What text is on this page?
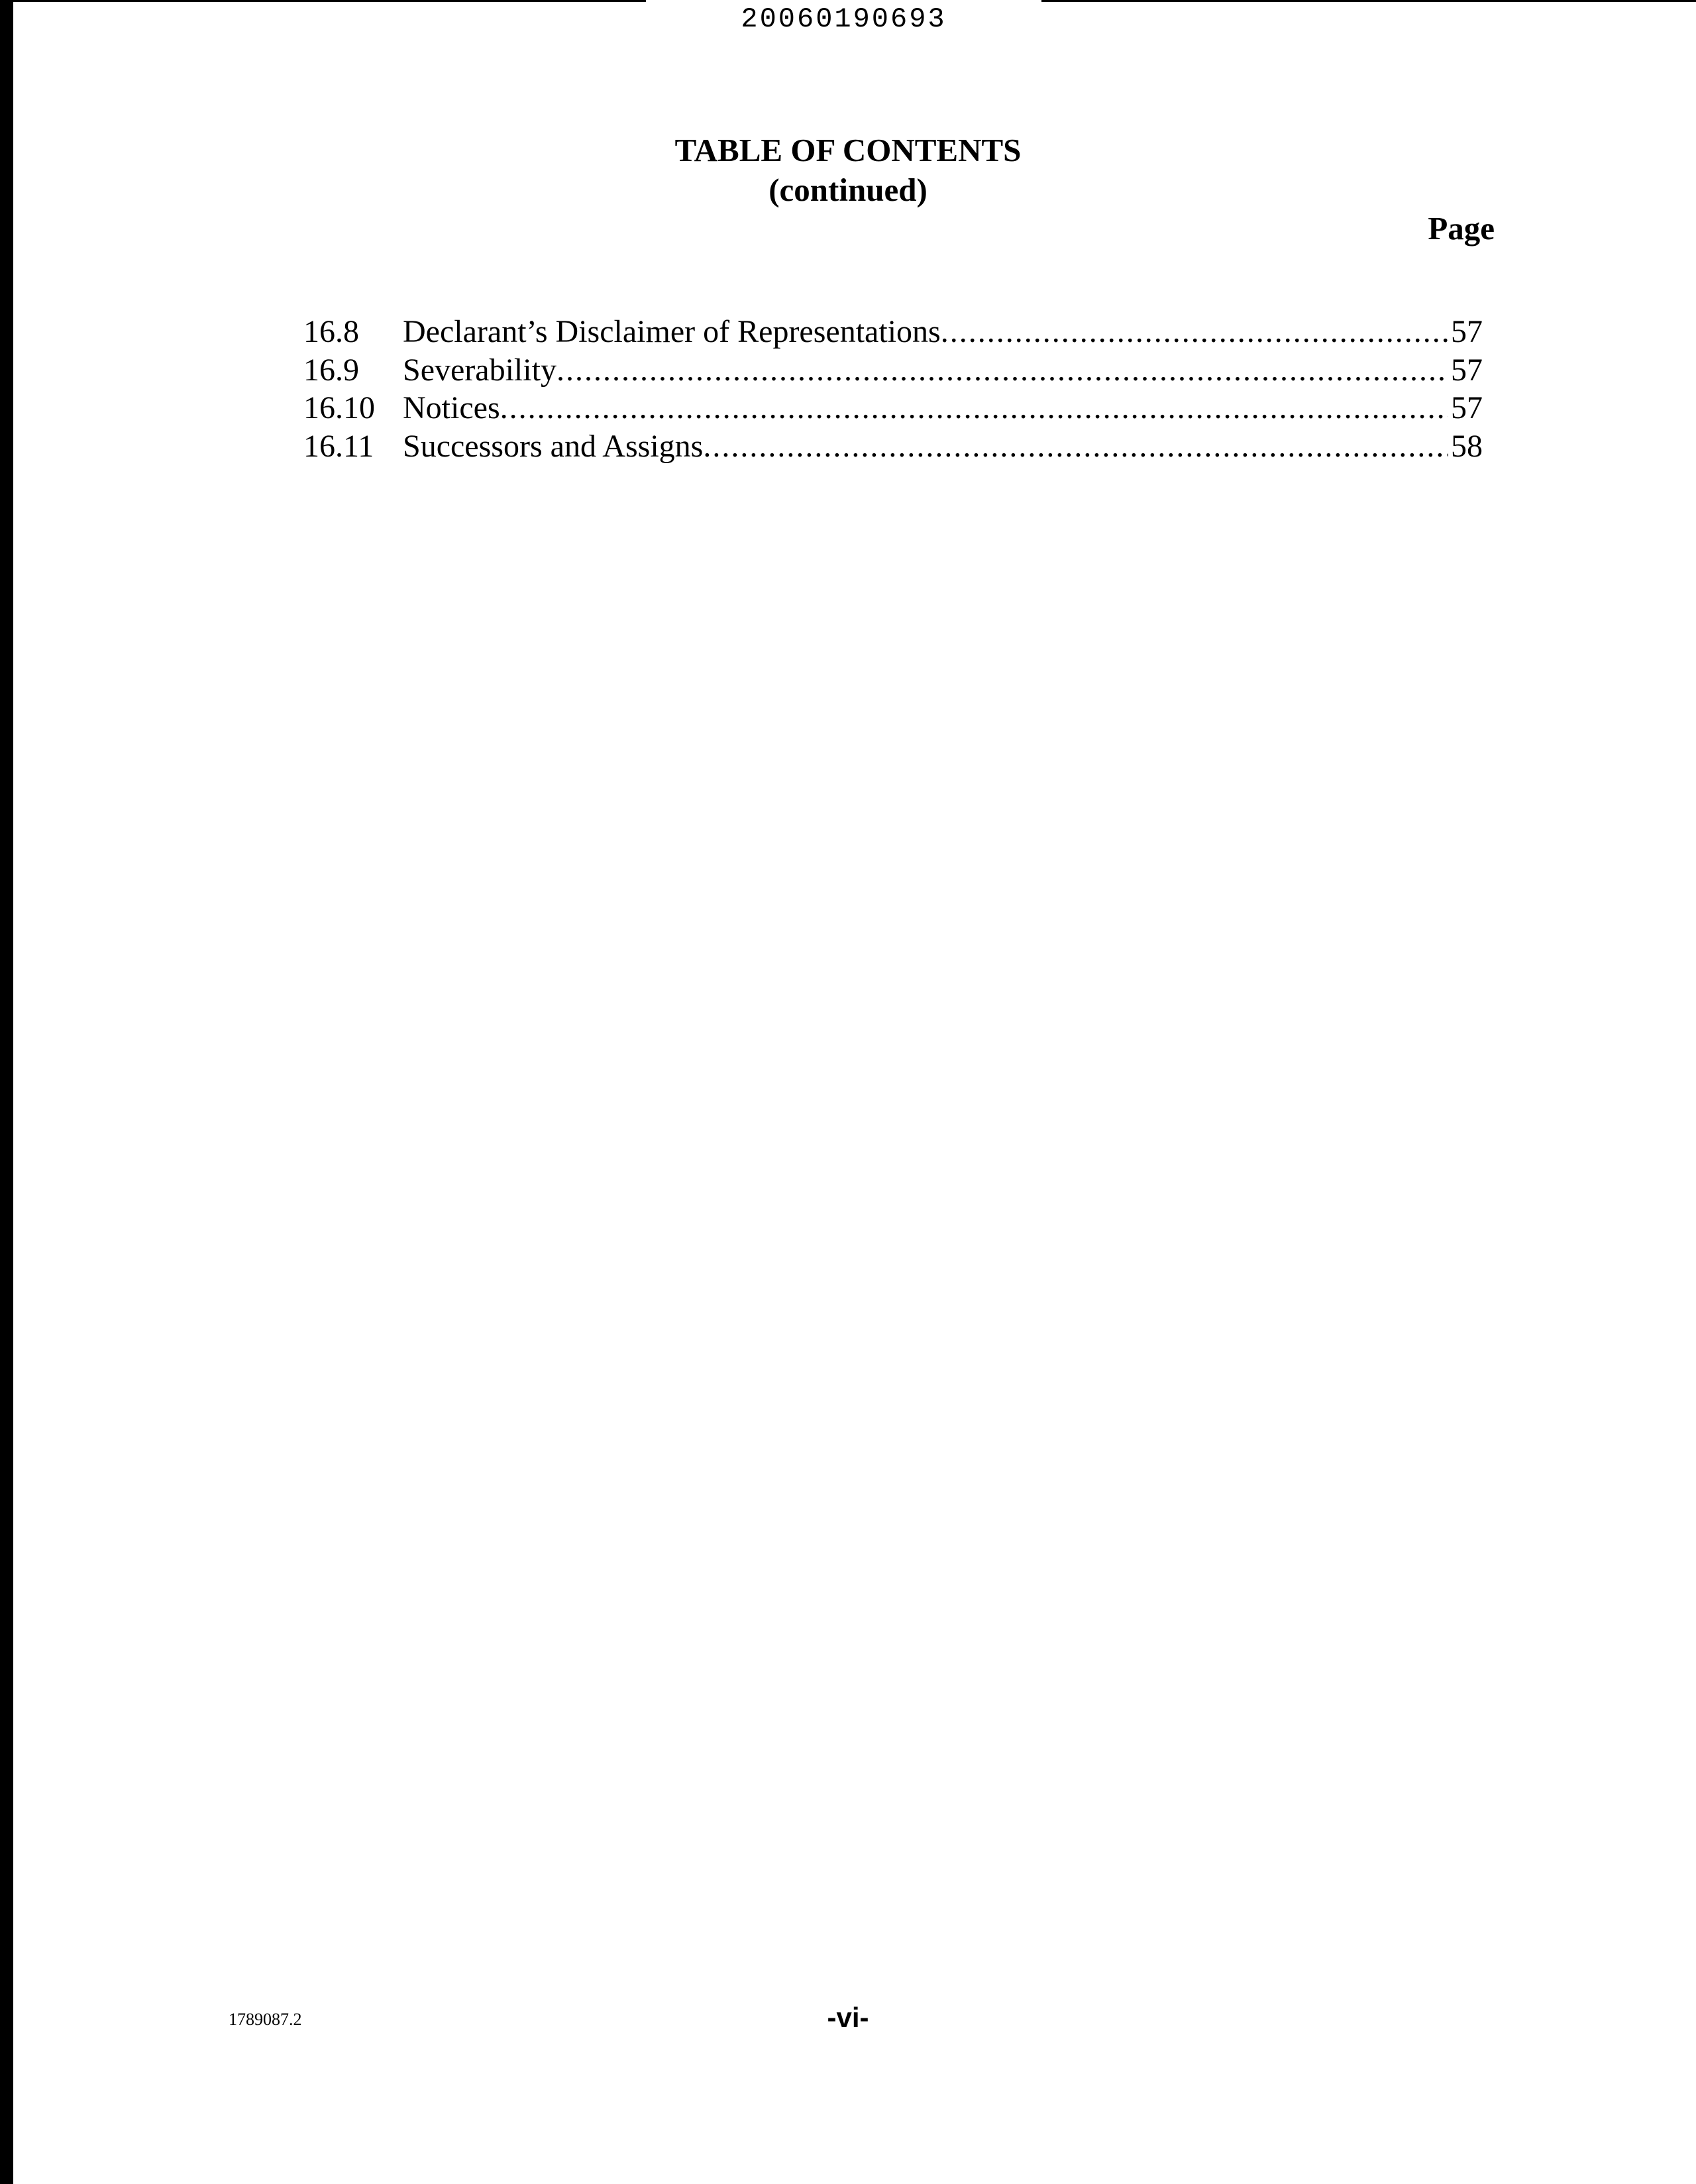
20060190693
TABLE OF CONTENTS
(continued)
Page
16.8	Declarant’s Disclaimer of Representations .....	57
16.9	Severability .....	57
16.10 Notices .....	57
16.11 Successors and Assigns .....	58
1789087.2	-vi-
